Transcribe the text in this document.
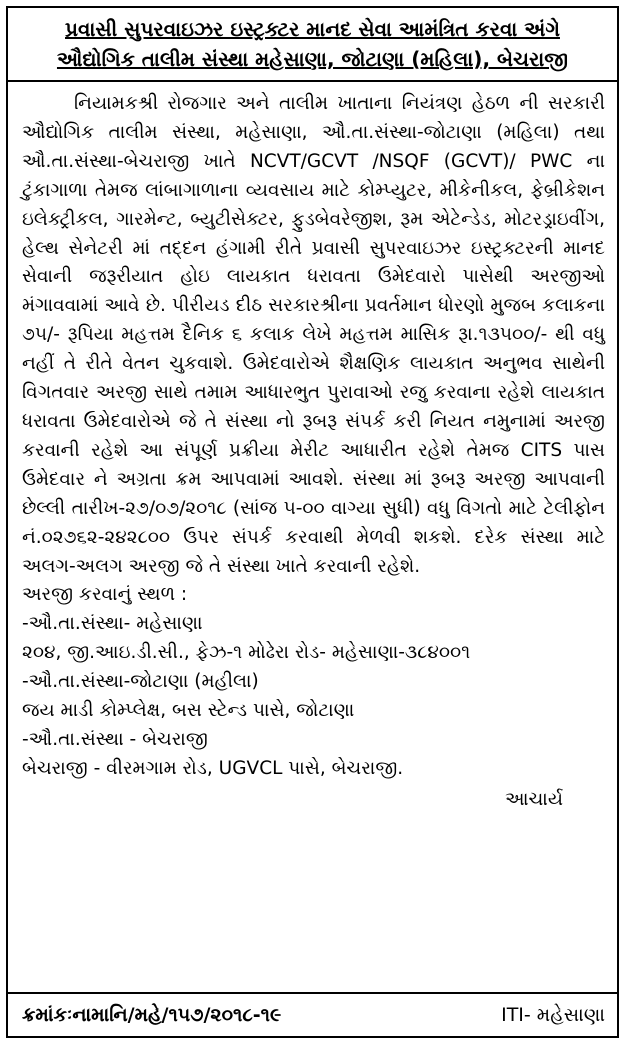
પ્રવાસી સુપરવાઇઝર ઇસ્ટ્રક્ટર માનદ સેવા આમંત્રિત કરવા અંગે
ઔદ્યોગિક તાલીમ સંસ્થા મહેસાણા, જોટાણા (મહિલા), બેચરાજી

નિયામકશ્રી રોજગાર અને તાલીમ ખાતાના નિયંત્રણ હેઠળ ની સરકારી ઔદ્યોગિક તાલીમ સંસ્થા, મહેસાણા, ઔ.તા.સંસ્થા-જોટાણા (મહિલા) તથા ઔ.તા.સંસ્થા-બેચરાજી ખાતે NCVT/GCVT /NSQF (GCVT)/ PWC ના ટુંકાગાળા તેમજ લાંબાગાળાના વ્યવસાય માટે કોમ્પ્યુટર, મીકેનીકલ, ફેબ્રીકેશન ઇલેક્ટ્રીકલ, ગારમેન્ટ, બ્યુટીસેક્ટર, ફુડબેવરેજીશ, રૂમ એટેન્ડેડ, મોટરડ્રાઇવીંગ, હેલ્થ સેનેટરી માં તદ્દન હંગામી રીતે પ્રવાસી સુપરવાઇઝર ઇસ્ટ્રક્ટરની માનદ સેવાની જરૂરીયાત હોઇ લાયકાત ધરાવતા ઉમેદવારો પાસેથી અરજીઓ મંગાવવામાં આવે છે. પીરીયડ દીઠ સરકારશ્રીના પ્રવર્તમાન ધોરણો મુજબ કલાકના ૭૫/- રૂપિયા મહત્તમ દૈનિક ૬ કલાક લેખે મહત્તમ માસિક રૂા.૧૩૫૦૦/- થી વધુ નહીં તે રીતે વેતન ચુકવાશે. ઉમેદવારોએ શૈક્ષણિક લાયકાત અનુભવ સાથેની વિગતવાર અરજી સાથે તમામ આધારભુત પુરાવાઓ રજુ કરવાના રહેશે લાયકાત ધરાવતા ઉમેદવારોએ જે તે સંસ્થા નો રૂબરૂ સંપર્ક કરી નિયત નમુનામાં અરજી કરવાની રહેશે આ સંપૂર્ણ પ્રક્રીયા મેરીટ આધારીત રહેશે તેમજ CITS પાસ ઉમેદવાર ને અગ્રતા ક્રમ આપવામાં આવશે. સંસ્થા માં રૂબરૂ અરજી આપવાની છેલ્લી તારીખ-૨૭/૦૭/૨૦૧૮ (સાંજ ૫-૦૦ વાગ્યા સુધી) વધુ વિગતો માટે ટેલીફોન નં.૦૨૭૬૨-૨૪૨૮૦૦ ઉપર સંપર્ક કરવાથી મેળવી શકશે. દરેક સંસ્થા માટે અલગ-અલગ અરજી જે તે સંસ્થા ખાતે કરવાની રહેશે.

અરજી કરવાનું સ્થળ :
-ઔ.તા.સંસ્થા- મહેસાણા
૨૦૪, જી.આઇ.ડી.સી., ફેઝ-૧ મોઢેરા રોડ- મહેસાણા-૩૮૪૦૦૧
-ઔ.તા.સંસ્થા-જોટાણા (મહીલા)
જય માડી કોમ્પ્લેક્ષ, બસ સ્ટેન્ડ પાસે, જોટાણા
-ઔ.તા.સંસ્થા - બેચરાજી
બેચરાજી - વીરમગામ રોડ, UGVCL પાસે, બેચરાજી.
આચાર્ય
ક્રમાંકઃનામાનિ/મહે/૧૫૭/૨૦૧૮-૧૯	ITI- મહેસાણા
